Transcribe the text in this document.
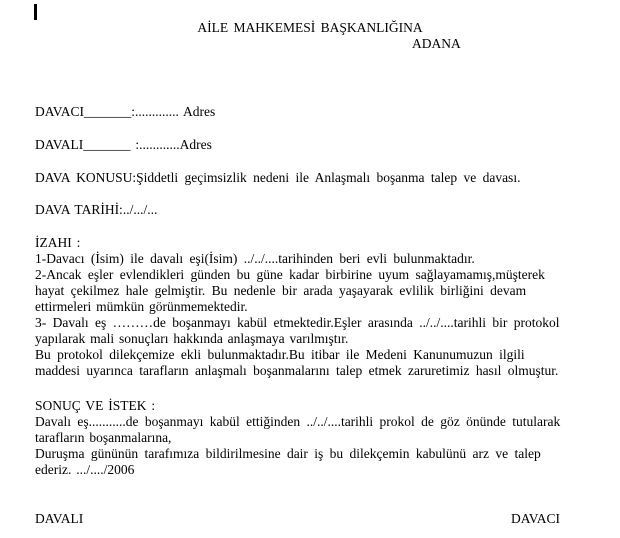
AİLE MAHKEMESİ BAŞKANLIĞINA
ADANA
DAVACI_______:............. Adres
DAVALI_______ :............Adres
DAVA KONUSU:Şiddetli geçimsizlik nedeni ile Anlaşmalı boşanma talep ve davası.
DAVA TARİHİ:../.../...
İZAHI :
1-Davacı (İsim) ile davalı eşi(İsim) ../../....tarihinden beri evli bulunmaktadır.
2-Ancak eşler evlendikleri günden bu güne kadar birbirine uyum sağlayamamış,müşterek
hayat çekilmez hale gelmiştir. Bu nedenle bir arada yaşayarak evlilik birliğini devam
ettirmeleri mümkün görünmemektedir.
3- Davalı eş ………de boşanmayı kabül etmektedir.Eşler arasında ../../....tarihli bir protokol
yapılarak mali sonuçları hakkında anlaşmaya varılmıştır.
Bu protokol dilekçemize ekli bulunmaktadır.Bu itibar ile Medeni Kanunumuzun ilgili
maddesi uyarınca tarafların anlaşmalı boşanmalarını talep etmek zaruretimiz hasıl olmuştur.
SONUÇ VE İSTEK :
Davalı eş...........de boşanmayı kabül ettiğinden ../../....tarihli prokol de göz önünde tutularak
tarafların boşanmalarına,
Duruşma gününün tarafımıza bildirilmesine dair iş bu dilekçemin kabulünü arz ve talep
ederiz. .../..../2006
DAVALI	DAVACI
